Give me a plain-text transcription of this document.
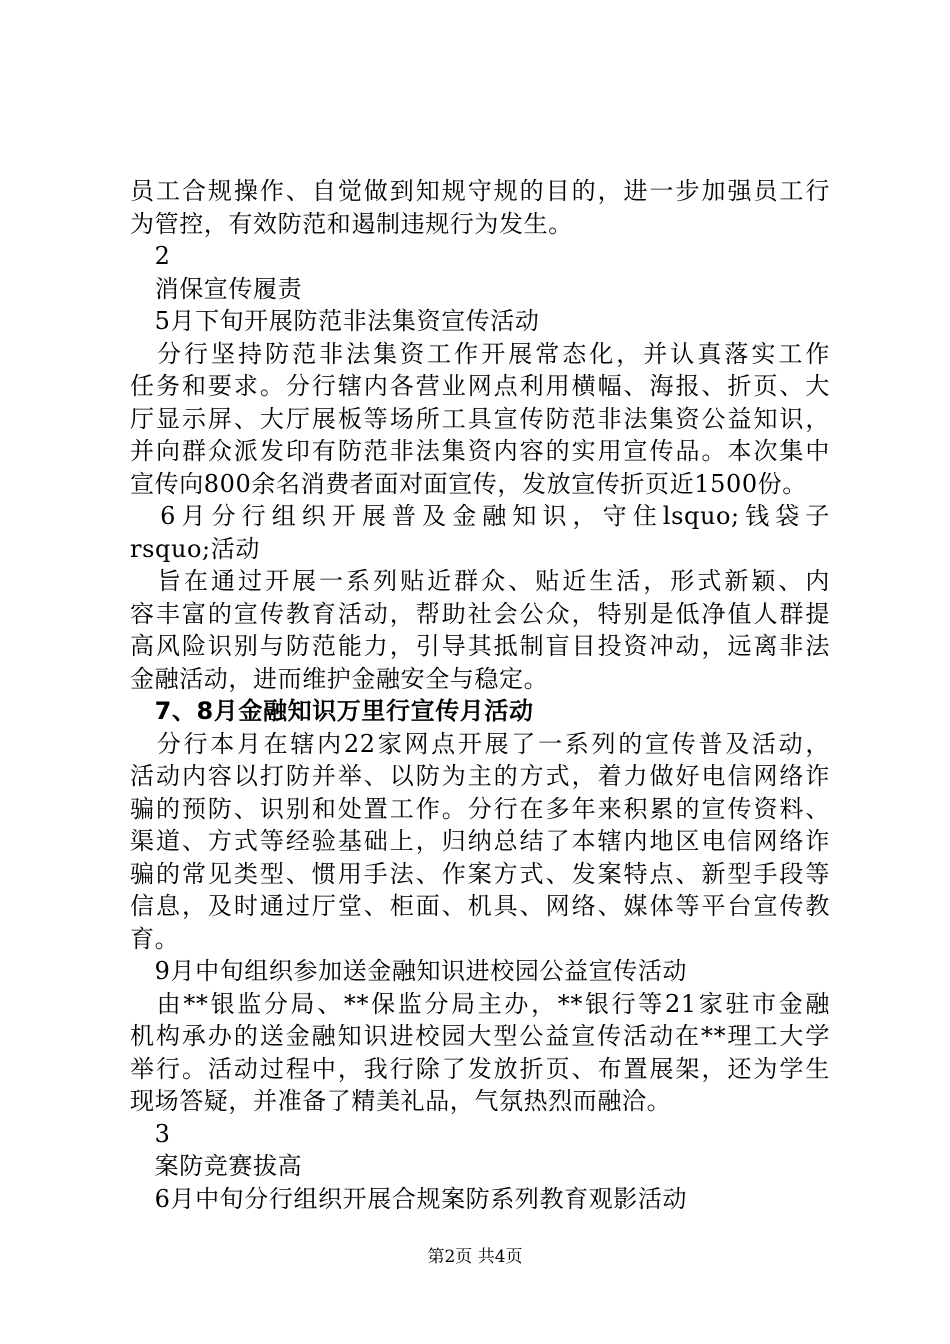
员工合规操作、自觉做到知规守规的目的，进一步加强员工行
为管控，有效防范和遏制违规行为发生。
　2
　消保宣传履责
　5月下旬开展防范非法集资宣传活动
　分行坚持防范非法集资工作开展常态化，并认真落实工作
任务和要求。分行辖内各营业网点利用横幅、海报、折页、大
厅显示屏、大厅展板等场所工具宣传防范非法集资公益知识，
并向群众派发印有防范非法集资内容的实用宣传品。本次集中
宣传向800余名消费者面对面宣传，发放宣传折页近1500份。
　6月分行组织开展普及金融知识，守住lsquo;钱袋子
rsquo;活动
　旨在通过开展一系列贴近群众、贴近生活，形式新颖、内
容丰富的宣传教育活动，帮助社会公众，特别是低净值人群提
高风险识别与防范能力，引导其抵制盲目投资冲动，远离非法
金融活动，进而维护金融安全与稳定。
　7、8月金融知识万里行宣传月活动
　分行本月在辖内22家网点开展了一系列的宣传普及活动，
活动内容以打防并举、以防为主的方式，着力做好电信网络诈
骗的预防、识别和处置工作。分行在多年来积累的宣传资料、
渠道、方式等经验基础上，归纳总结了本辖内地区电信网络诈
骗的常见类型、惯用手法、作案方式、发案特点、新型手段等
信息，及时通过厅堂、柜面、机具、网络、媒体等平台宣传教
育。
　9月中旬组织参加送金融知识进校园公益宣传活动
　由**银监分局、**保监分局主办，**银行等21家驻市金融
机构承办的送金融知识进校园大型公益宣传活动在**理工大学
举行。活动过程中，我行除了发放折页、布置展架，还为学生
现场答疑，并准备了精美礼品，气氛热烈而融洽。
　3
　案防竞赛拔高
　6月中旬分行组织开展合规案防系列教育观影活动
第2页 共4页
